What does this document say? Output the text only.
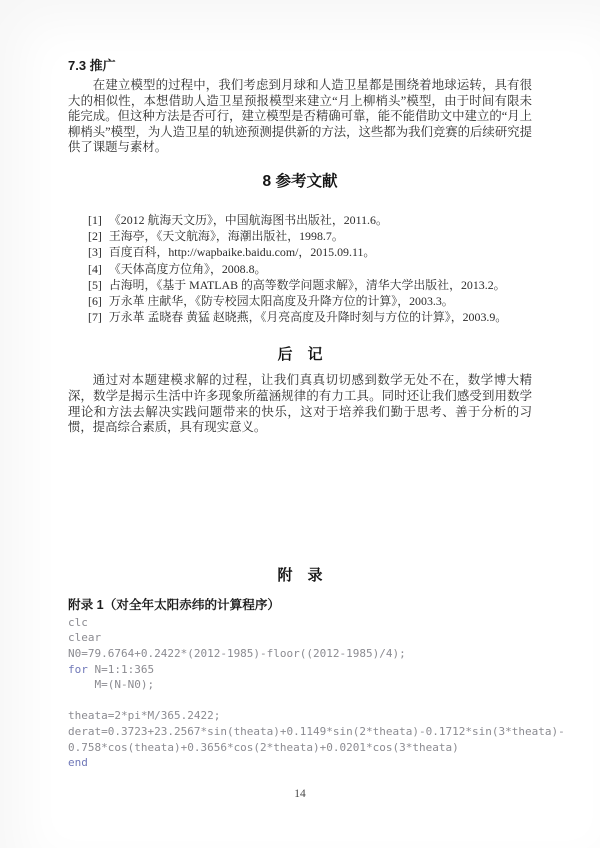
7.3 推广

在建立模型的过程中，我们考虑到月球和人造卫星都是围绕着地球运转，具有很大的相似性，本想借助人造卫星预报模型来建立“月上柳梢头”模型，由于时间有限未能完成。但这种方法是否可行，建立模型是否精确可靠，能不能借助文中建立的“月上柳梢头”模型，为人造卫星的轨迹预测提供新的方法，这些都为我们竞赛的后续研究提供了课题与素材。

8 参考文献
[1] 《2012 航海天文历》，中国航海图书出版社，2011.6。
[2] 王海亭，《天文航海》，海潮出版社，1998.7。
[3] 百度百科，http://wapbaike.baidu.com/，2015.09.11。
[4] 《天体高度方位角》，2008.8。
[5] 占海明，《基于 MATLAB 的高等数学问题求解》，清华大学出版社，2013.2。
[6] 万永革 庄献华，《防专校园太阳高度及升降方位的计算》，2003.3。
[7] 万永革 孟晓春 黄猛 赵晓燕，《月亮高度及升降时刻与方位的计算》，2003.9。
后　记

通过对本题建模求解的过程，让我们真真切切感到数学无处不在，数学博大精深，数学是揭示生活中许多现象所蕴涵规律的有力工具。同时还让我们感受到用数学理论和方法去解决实践问题带来的快乐，这对于培养我们勤于思考、善于分析的习惯，提高综合素质，具有现实意义。

附　录
附录 1（对全年太阳赤纬的计算程序）
clc
clear
N0=79.6764+0.2422*(2012-1985)-floor((2012-1985)/4);
for N=1:1:365
M=(N-N0);
theata=2*pi*M/365.2422;
derat=0.3723+23.2567*sin(theata)+0.1149*sin(2*theata)-0.1712*sin(3*theata)-
0.758*cos(theata)+0.3656*cos(2*theata)+0.0201*cos(3*theata)
end
14
